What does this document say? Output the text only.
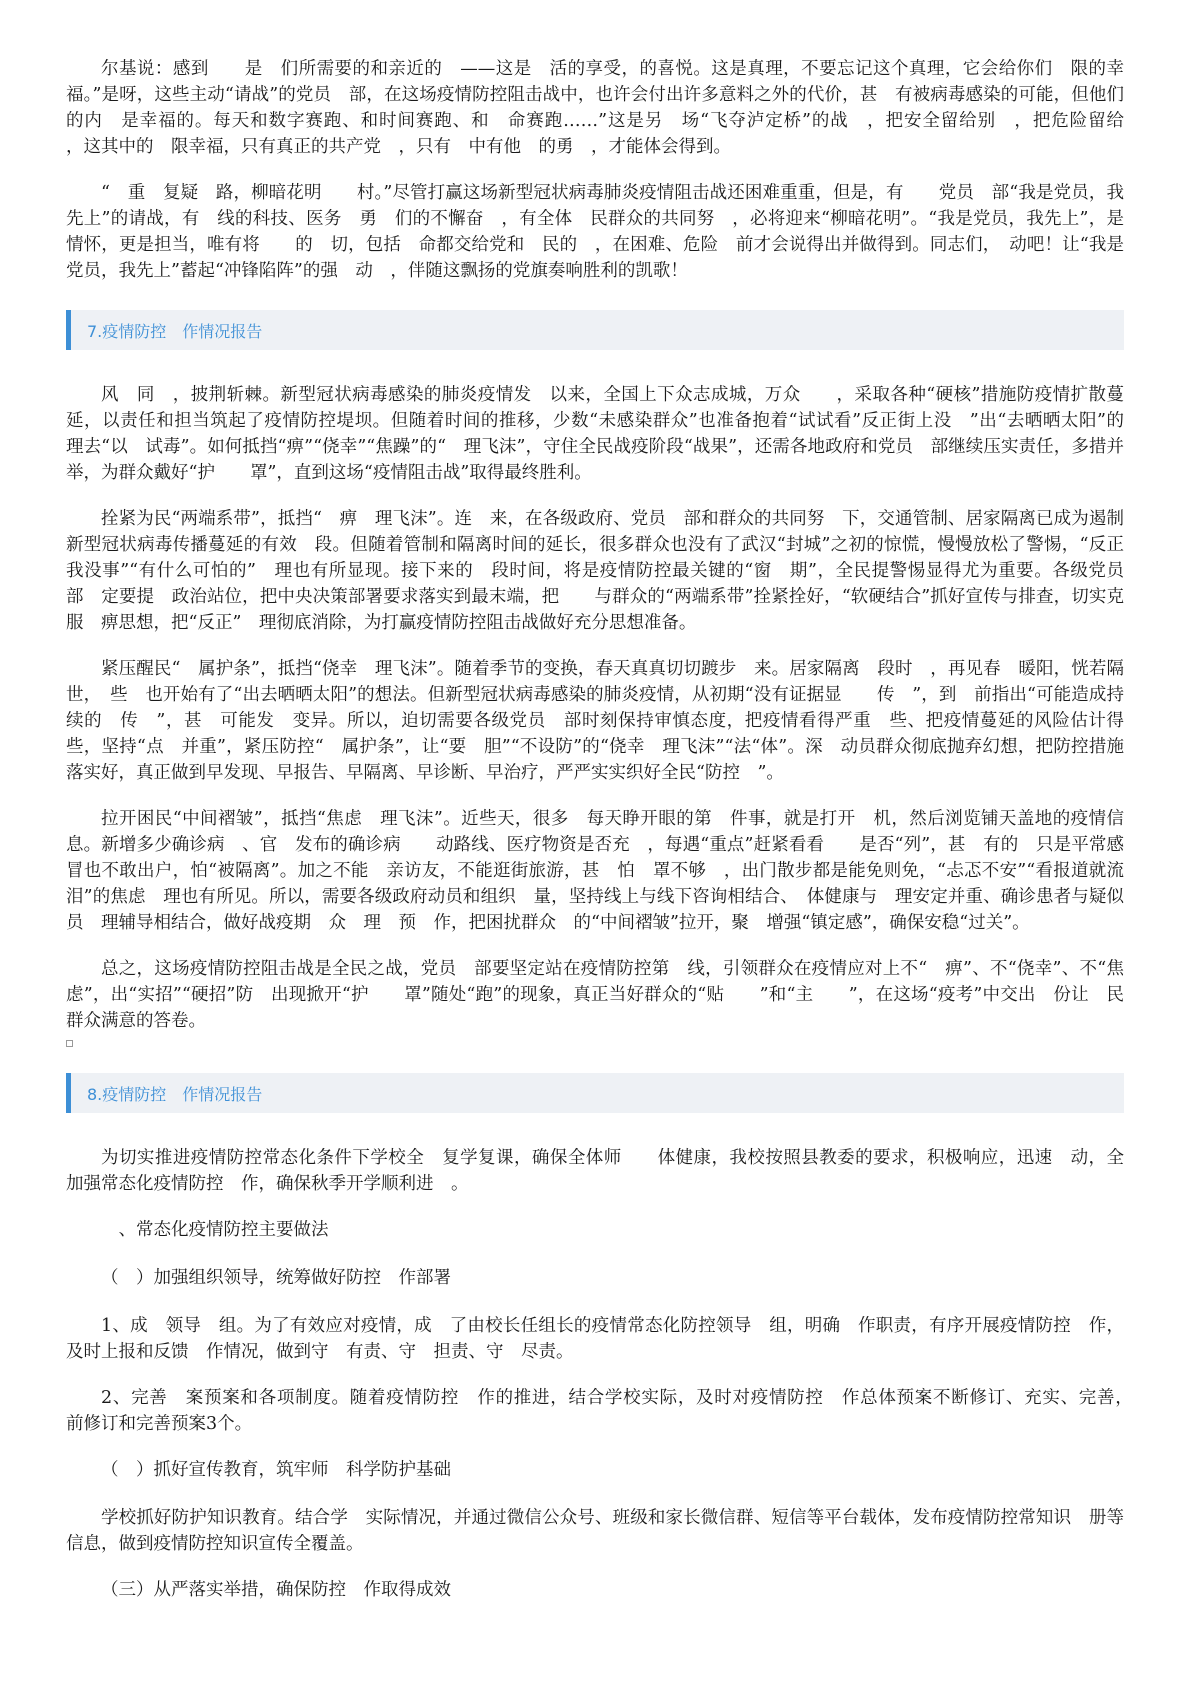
尔基说：感到　　是　们所需要的和亲近的　——这是　活的享受，的喜悦。这是真理，不要忘记这个真理，它会给你们　限的幸福。”是呀，这些主动“请战”的党员　部，在这场疫情防控阻击战中，也许会付出许多意料之外的代价，甚　有被病毒感染的可能，但他们的内　是幸福的。每天和数字赛跑、和时间赛跑、和　命赛跑……”这是另　场“飞夺泸定桥”的战　，把安全留给别　，把危险留给　　，这其中的　限幸福，只有真正的共产党　，只有　中有他　的勇　，才能体会得到。

“　重　复疑　路，柳暗花明　　村。”尽管打赢这场新型冠状病毒肺炎疫情阻击战还困难重重，但是，有　　党员　部“我是党员，我先上”的请战，有　线的科技、医务　勇　们的不懈奋　，有全体　民群众的共同努　，必将迎来“柳暗花明”。“我是党员，我先上”，是情怀，更是担当，唯有将　　的　切，包括　命都交给党和　民的　，在困难、危险　前才会说得出并做得到。同志们，　动吧！让“我是党员，我先上”蓄起“冲锋陷阵”的强　动　，伴随这飘扬的党旗奏响胜利的凯歌！

7.疫情防控　作情况报告

风　同　，披荆斩棘。新型冠状病毒感染的肺炎疫情发　以来，全国上下众志成城，万众　　，采取各种“硬核”措施防疫情扩散蔓延，以责任和担当筑起了疫情防控堤坝。但随着时间的推移，少数“未感染群众”也准备抱着“试试看”反正街上没　”出“去晒晒太阳”的　理去“以　试毒”。如何抵挡“痹”“侥幸”“焦躁”的“　理飞沫”，守住全民战疫阶段“战果”，还需各地政府和党员　部继续压实责任，多措并举，为群众戴好“护　　罩”，直到这场“疫情阻击战”取得最终胜利。

拴紧为民“两端系带”，抵挡“　痹　理飞沫”。连　来，在各级政府、党员　部和群众的共同努　下，交通管制、居家隔离已成为遏制新型冠状病毒传播蔓延的有效　段。但随着管制和隔离时间的延长，很多群众也没有了武汉“封城”之初的惊慌，慢慢放松了警惕，“反正我没事”“有什么可怕的”　理也有所显现。接下来的　段时间，将是疫情防控最关键的“窗　期”，全民提警惕显得尤为重要。各级党员　部　定要提　政治站位，把中央决策部署要求落实到最末端，把　　与群众的“两端系带”拴紧拴好，“软硬结合”抓好宣传与排查，切实克服　痹思想，把“反正”　理彻底消除，为打赢疫情防控阻击战做好充分思想准备。

紧压醒民“　属护条”，抵挡“侥幸　理飞沫”。随着季节的变换，春天真真切切踱步　来。居家隔离　段时　，再见春　暖阳，恍若隔世，　些　也开始有了“出去晒晒太阳”的想法。但新型冠状病毒感染的肺炎疫情，从初期“没有证据显　　传　”，到　前指出“可能造成持续的　传　”，甚　可能发　变异。所以，迫切需要各级党员　部时刻保持审慎态度，把疫情看得严重　些、把疫情蔓延的风险估计得　　些，坚持“点　并重”，紧压防控“　属护条”，让“要　胆”“不设防”的“侥幸　理飞沫”“法“体”。深　动员群众彻底抛弃幻想，把防控措施落实好，真正做到早发现、早报告、早隔离、早诊断、早治疗，严严实实织好全民“防控　”。

拉开困民“中间褶皱”，抵挡“焦虑　理飞沫”。近些天，很多　每天睁开眼的第　件事，就是打开　机，然后浏览铺天盖地的疫情信息。新增多少确诊病　、官　发布的确诊病　　动路线、医疗物资是否充　，每遇“重点”赶紧看看　　是否“列”，甚　有的　只是平常感冒也不敢出户，怕“被隔离”。加之不能　亲访友，不能逛街旅游，甚　怕　罩不够　，出门散步都是能免则免，“忐忑不安”“看报道就流泪”的焦虑　理也有所见。所以，需要各级政府动员和组织　量，坚持线上与线下咨询相结合、　体健康与　理安定并重、确诊患者与疑似　员　理辅导相结合，做好战疫期　众　理　预　作，把困扰群众　的“中间褶皱”拉开，聚　增强“镇定感”，确保安稳“过关”。

总之，这场疫情防控阻击战是全民之战，党员　部要坚定站在疫情防控第　线，引领群众在疫情应对上不“　痹”、不“侥幸”、不“焦虑”，出“实招”“硬招”防　出现掀开“护　　罩”随处“跑”的现象，真正当好群众的“贴　　”和“主　　”，在这场“疫考”中交出　份让　民群众满意的答卷。

8.疫情防控　作情况报告

为切实推进疫情防控常态化条件下学校全　复学复课，确保全体师　　体健康，我校按照县教委的要求，积极响应，迅速　动，全　加强常态化疫情防控　作，确保秋季开学顺利进　。

　、常态化疫情防控主要做法

（　）加强组织领导，统筹做好防控　作部署

1、成　领导　组。为了有效应对疫情，成　了由校长任组长的疫情常态化防控领导　组，明确　作职责，有序开展疫情防控　作，及时上报和反馈　作情况，做到守　有责、守　担责、守　尽责。

2、完善　案预案和各项制度。随着疫情防控　作的推进，结合学校实际，及时对疫情防控　作总体预案不断修订、充实、完善，　　前修订和完善预案3个。

（　）抓好宣传教育，筑牢师　科学防护基础

学校抓好防护知识教育。结合学　实际情况，并通过微信公众号、班级和家长微信群、短信等平台载体，发布疫情防控常知识　册等信息，做到疫情防控知识宣传全覆盖。

（三）从严落实举措，确保防控　作取得成效
